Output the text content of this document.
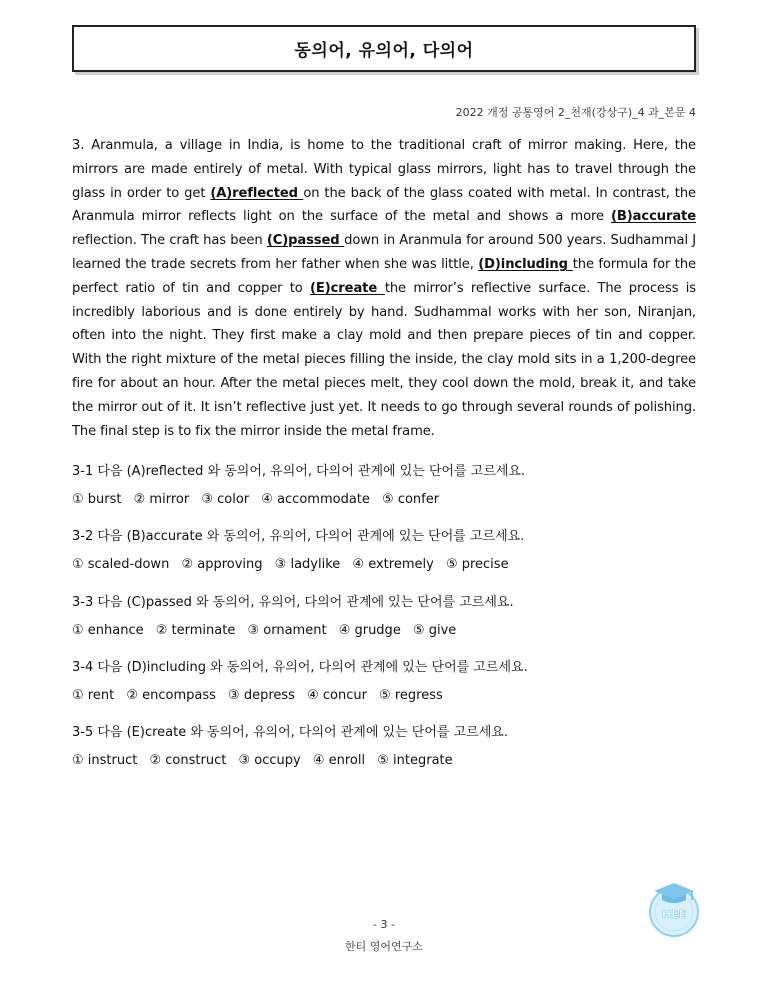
동의어, 유의어, 다의어
2022 개정 공통영어 2_천재(강상구)_4 과_본문 4
3. Aranmula, a village in India, is home to the traditional craft of mirror making. Here, the mirrors are made entirely of metal. With typical glass mirrors, light has to travel through the glass in order to get (A)reflected on the back of the glass coated with metal. In contrast, the Aranmula mirror reflects light on the surface of the metal and shows a more (B)accurate reflection. The craft has been (C)passed down in Aranmula for around 500 years. Sudhammal J learned the trade secrets from her father when she was little, (D)including the formula for the perfect ratio of tin and copper to (E)create the mirror’s reflective surface. The process is incredibly laborious and is done entirely by hand. Sudhammal works with her son, Niranjan, often into the night. They first make a clay mold and then prepare pieces of tin and copper. With the right mixture of the metal pieces filling the inside, the clay mold sits in a 1,200-degree fire for about an hour. After the metal pieces melt, they cool down the mold, break it, and take the mirror out of it. It isn’t reflective just yet. It needs to go through several rounds of polishing. The final step is to fix the mirror inside the metal frame.
3-1 다음 (A)reflected 와 동의어, 유의어, 다의어 관계에 있는 단어를 고르세요.
① burst ② mirror ③ color ④ accommodate ⑤ confer
3-2 다음 (B)accurate 와 동의어, 유의어, 다의어 관계에 있는 단어를 고르세요.
① scaled-down ② approving ③ ladylike ④ extremely ⑤ precise
3-3 다음 (C)passed 와 동의어, 유의어, 다의어 관계에 있는 단어를 고르세요.
① enhance ② terminate ③ ornament ④ grudge ⑤ give
3-4 다음 (D)including 와 동의어, 유의어, 다의어 관계에 있는 단어를 고르세요.
① rent ② encompass ③ depress ④ concur ⑤ regress
3-5 다음 (E)create 와 동의어, 유의어, 다의어 관계에 있는 단어를 고르세요.
① instruct ② construct ③ occupy ④ enroll ⑤ integrate
HEE
- 3 -
한티 영어연구소
